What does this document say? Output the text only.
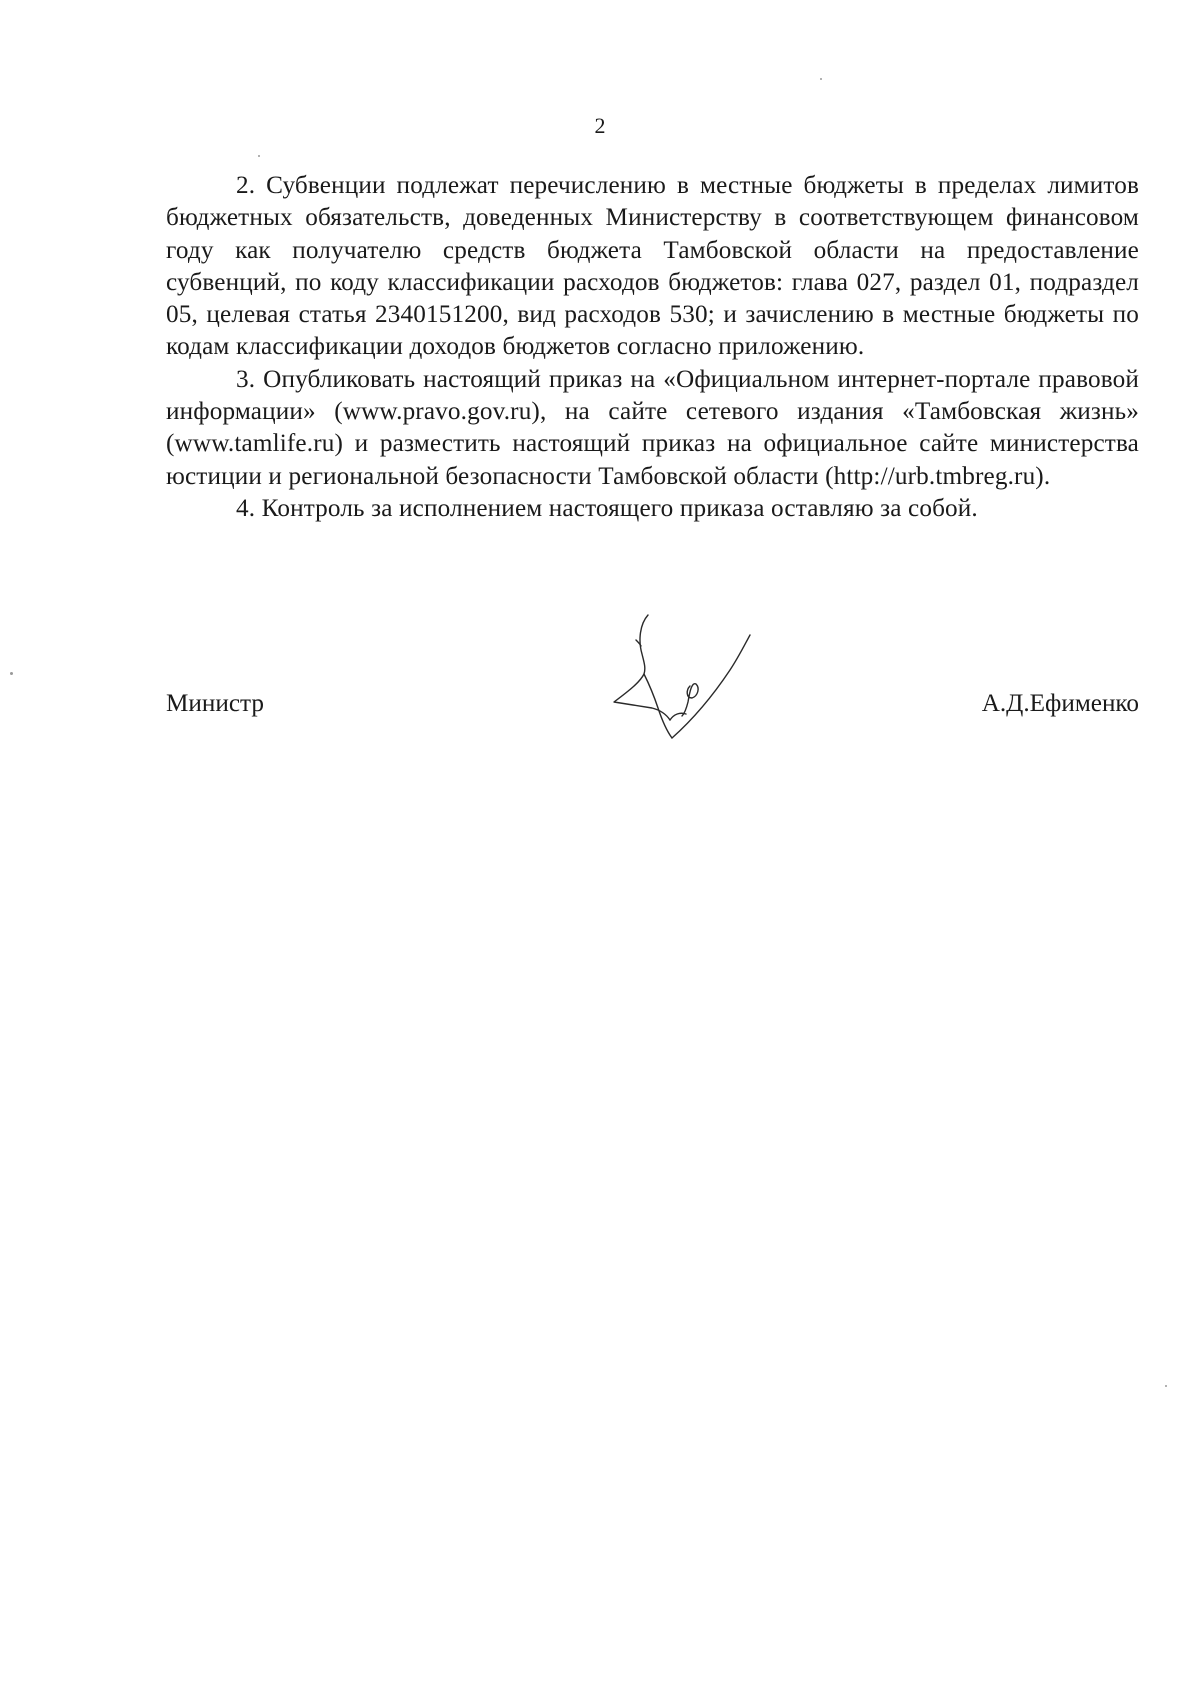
2

2. Субвенции подлежат перечислению в местные бюджеты в пределах лимитов бюджетных обязательств, доведенных Министерству в соответствующем финансовом году как получателю средств бюджета Тамбовской области на предоставление субвенций, по коду классификации расходов бюджетов: глава 027, раздел 01, подраздел 05, целевая статья 2340151200, вид расходов 530; и зачислению в местные бюджеты по кодам классификации доходов бюджетов согласно приложению.

3. Опубликовать настоящий приказ на «Официальном интернет-портале правовой информации» (www.pravo.gov.ru), на сайте сетевого издания «Тамбовская жизнь» (www.tamlife.ru) и разместить настоящий приказ на официальное сайте министерства юстиции и региональной безопасности Тамбовской области (http://urb.tmbreg.ru).

4. Контроль за исполнением настоящего приказа оставляю за собой.

Министр	А.Д.Ефименко
